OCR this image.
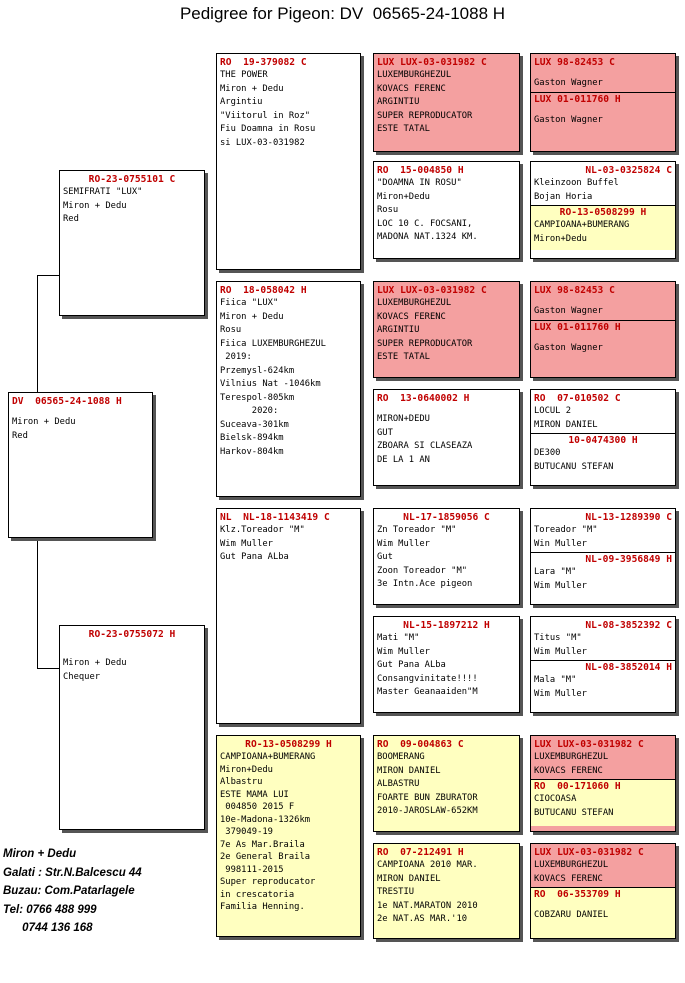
Pedigree for Pigeon: DV  06565-24-1088 H
DV  06565-24-1088 H
Miron + Dedu
Red
RO-23-0755101 C
SEMIFRATI "LUX"
Miron + Dedu
Red
RO-23-0755072 H
Miron + Dedu
Chequer
RO  19-379082 C
THE POWER
Miron + Dedu
Argintiu
"Viitorul in Roz"
Fiu Doamna in Rosu
si LUX-03-031982
RO  18-058042 H
Fiica "LUX"
Miron + Dedu
Rosu
Fiica LUXEMBURGHEZUL
2019:
Przemysl-624km
Vilnius Nat -1046km
Terespol-805km
2020:
Suceava-301km
Bielsk-894km
Harkov-804km
NL  NL-18-1143419 C
Klz.Toreador "M"
Wim Muller
Gut Pana ALba
RO-13-0508299 H
CAMPIOANA+BUMERANG
Miron+Dedu
Albastru
ESTE MAMA LUI
004850 2015 F
10e-Madona-1326km
379049-19
7e As Mar.Braila
2e General Braila
998111-2015
Super reproducator
in crescatoria
Familia Henning.
LUX LUX-03-031982 C
LUXEMBURGHEZUL
KOVACS FERENC
ARGINTIU
SUPER REPRODUCATOR
ESTE TATAL
RO  15-004850 H
"DOAMNA IN ROSU"
Miron+Dedu
Rosu
LOC 10 C. FOCSANI,
MADONA NAT.1324 KM.
LUX LUX-03-031982 C
LUXEMBURGHEZUL
KOVACS FERENC
ARGINTIU
SUPER REPRODUCATOR
ESTE TATAL
RO  13-0640002 H
MIRON+DEDU
GUT
ZBOARA SI CLASEAZA
DE LA 1 AN
NL-17-1859056 C
Zn Toreador "M"
Wim Muller
Gut
Zoon Toreador "M"
3e Intn.Ace pigeon
NL-15-1897212 H
Mati "M"
Wim Muller
Gut Pana ALba
Consangvinitate!!!!
Master Geanaaiden"M
RO  09-004863 C
BOOMERANG
MIRON DANIEL
ALBASTRU
FOARTE BUN ZBURATOR
2010-JAROSLAW-652KM
RO  07-212491 H
CAMPIOANA 2010 MAR.
MIRON DANIEL
TRESTIU
1e NAT.MARATON 2010
2e NAT.AS MAR.'10
LUX 98-82453 C
Gaston Wagner
LUX 01-011760 H
Gaston Wagner
NL-03-0325824 C
Kleinzoon Buffel
Bojan Horia
RO-13-0508299 H
CAMPIOANA+BUMERANG
Miron+Dedu
LUX 98-82453 C
Gaston Wagner
LUX 01-011760 H
Gaston Wagner
RO  07-010502 C
LOCUL 2
MIRON DANIEL
10-0474300 H
DE300
BUTUCANU STEFAN
NL-13-1289390 C
Toreador "M"
Win Muller
NL-09-3956849 H
Lara "M"
Wim Muller
NL-08-3852392 C
Titus "M"
Wim Muller
NL-08-3852014 H
Mala "M"
Wim Muller
LUX LUX-03-031982 C
LUXEMBURGHEZUL
KOVACS FERENC
RO  00-171060 H
CIOCOASA
BUTUCANU STEFAN
LUX LUX-03-031982 C
LUXEMBURGHEZUL
KOVACS FERENC
RO  06-353709 H
COBZARU DANIEL
Miron + Dedu
Galati : Str.N.Balcescu 44
Buzau: Com.Patarlagele
Tel: 0766 488 999
0744 136 168
